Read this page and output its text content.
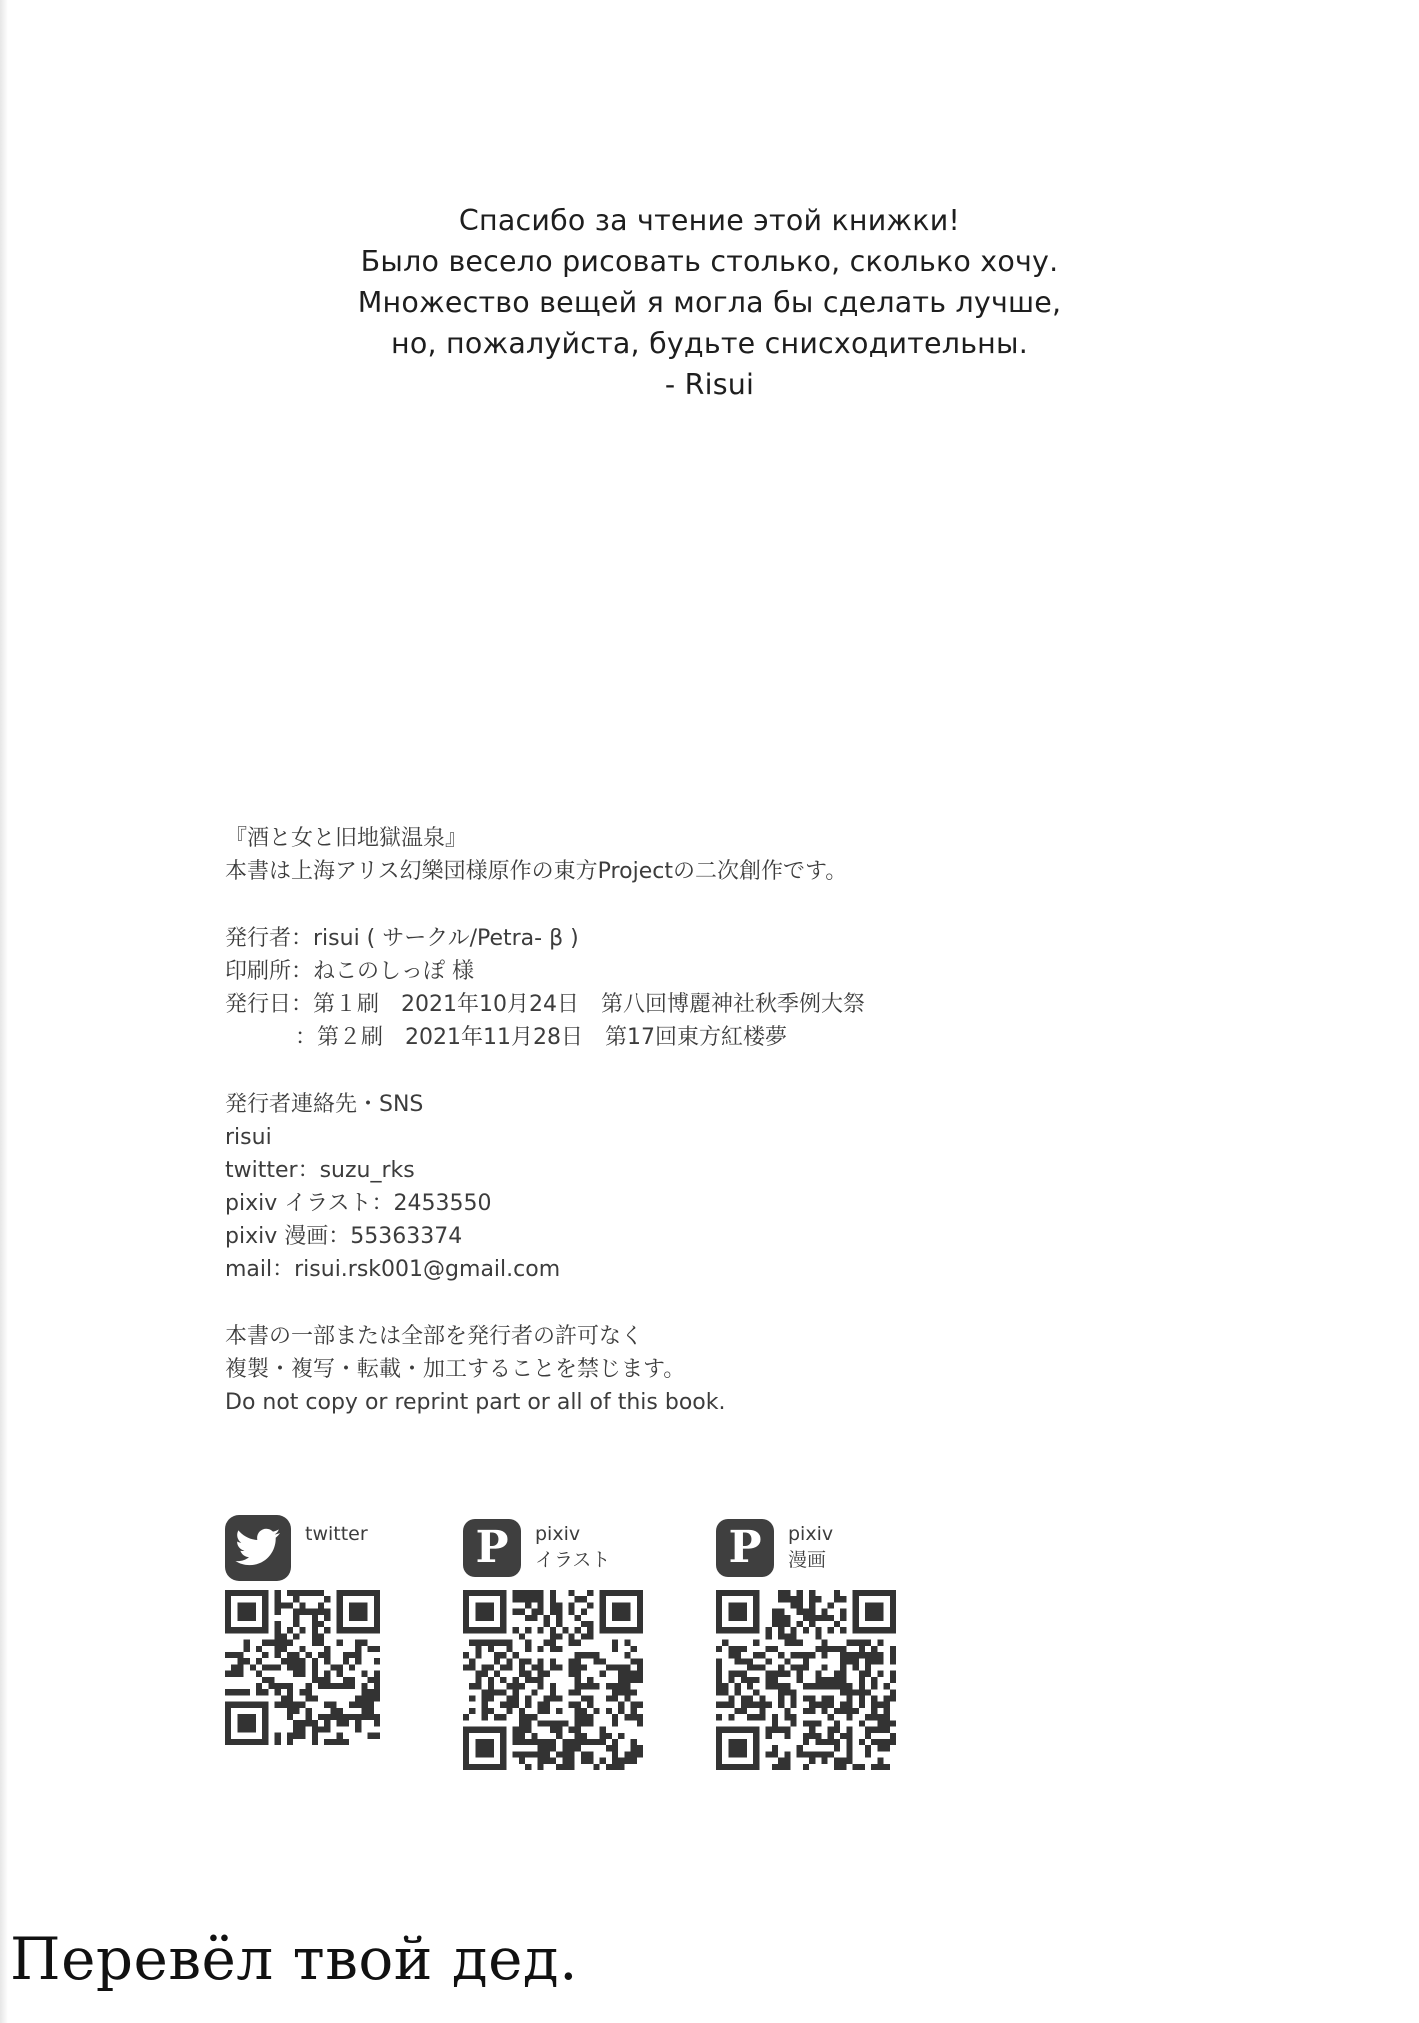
Спасибо за чтение этой книжки!
Было весело рисовать столько, сколько хочу.
Множество вещей я могла бы сделать лучше,
но, пожалуйста, будьте снисходительны.
- Risui
『酒と女と旧地獄温泉』
本書は上海アリス幻樂団様原作の東方Projectの二次創作です。
発行者：risui ( サークル/Petra- β )
印刷所：ねこのしっぽ 様
発行日：第１刷 2021年10月24日 第八回博麗神社秋季例大祭
：第２刷 2021年11月28日 第17回東方紅楼夢
発行者連絡先・SNS
risui
twitter：suzu_rks
pixiv イラスト：2453550
pixiv 漫画：55363374
mail：risui.rsk001@gmail.com
本書の一部または全部を発行者の許可なく
複製・複写・転載・加工することを禁じます。
Do not copy or reprint part or all of this book.
twitter P pixiv
イラスト	P pixiv
漫画
Перевёл твой дед.
